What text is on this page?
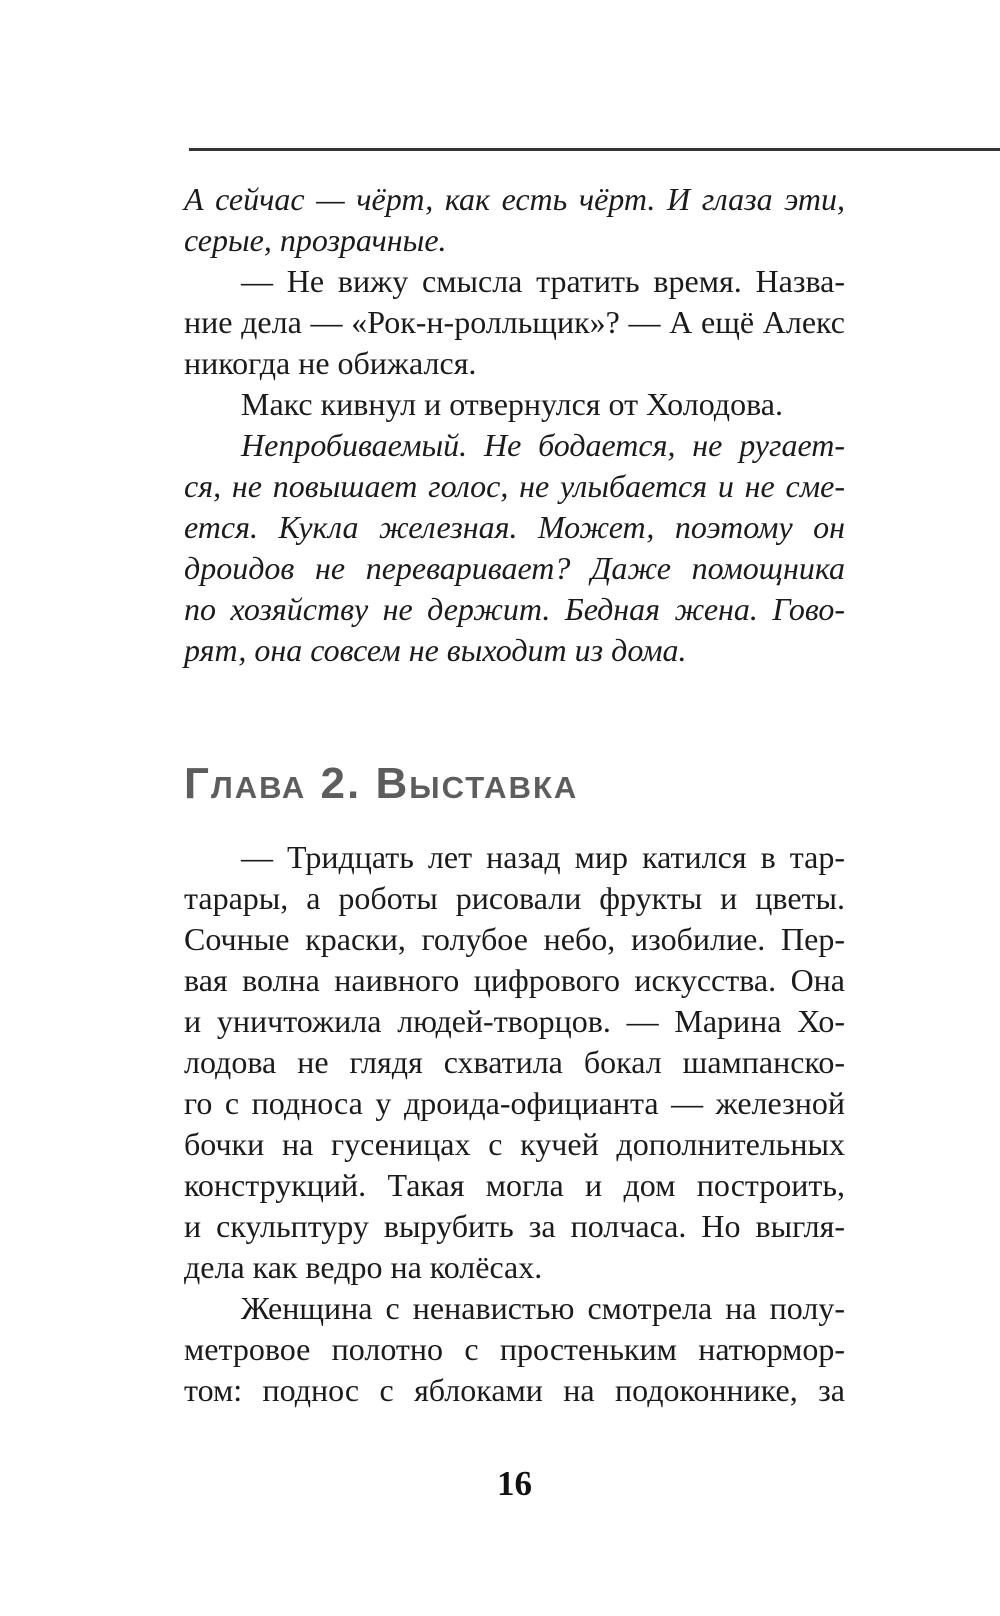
А сейчас — чёрт, как есть чёрт. И глаза эти,
серые, прозрачные.
— Не вижу смысла тратить время. Назва-
ние дела — «Рок-н-ролльщик»? — А ещё Алекс
никогда не обижался.
Макс кивнул и отвернулся от Холодова.
Непробиваемый. Не бодается, не ругает-
ся, не повышает голос, не улыбается и не сме-
ется. Кукла железная. Может, поэтому он
дроидов не переваривает? Даже помощника
по хозяйству не держит. Бедная жена. Гово-
рят, она совсем не выходит из дома.
Глава 2. Выставка
— Тридцать лет назад мир катился в тар-
тарары, а роботы рисовали фрукты и цветы.
Сочные краски, голубое небо, изобилие. Пер-
вая волна наивного цифрового искусства. Она
и уничтожила людей-творцов. — Марина Хо-
лодова не глядя схватила бокал шампанско-
го с подноса у дроида-официанта — железной
бочки на гусеницах с кучей дополнительных
конструкций. Такая могла и дом построить,
и скульптуру вырубить за полчаса. Но выгля-
дела как ведро на колёсах.
Женщина с ненавистью смотрела на полу-
метровое полотно с простеньким натюрмор-
том: поднос с яблоками на подоконнике, за
16
